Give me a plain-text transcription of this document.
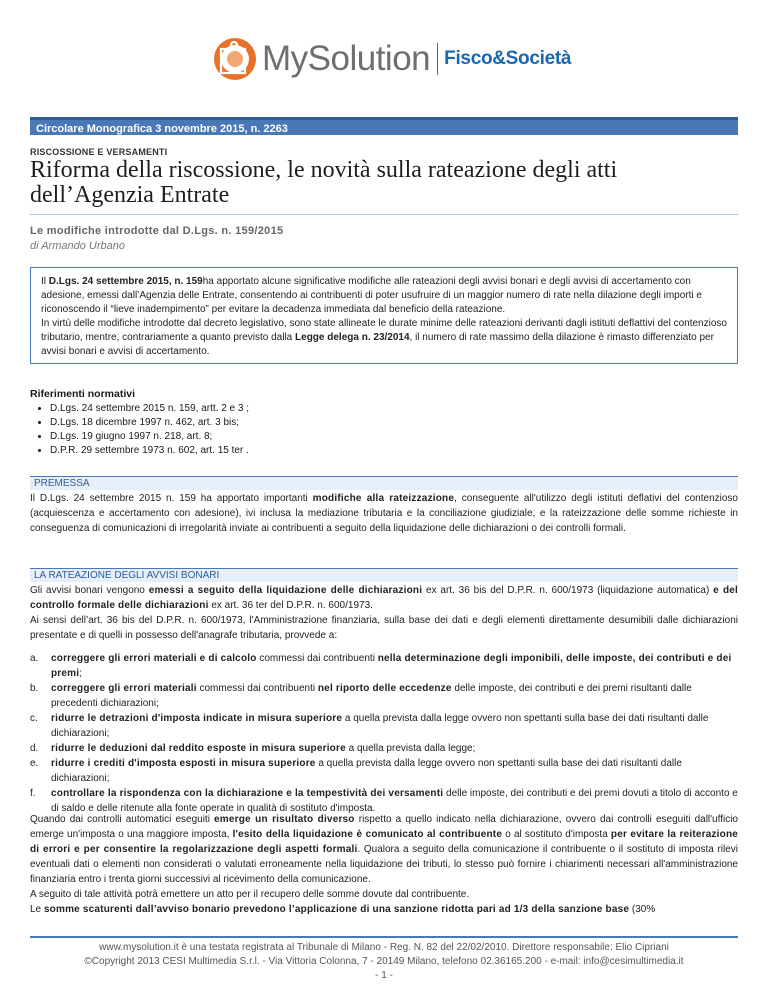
MySolution Fisco&Società
Circolare Monografica 3 novembre 2015, n. 2263
RISCOSSIONE E VERSAMENTI
Riforma della riscossione, le novità sulla rateazione degli atti dell’Agenzia Entrate
Le modifiche introdotte dal D.Lgs. n. 159/2015
di Armando Urbano

Il D.Lgs. 24 settembre 2015, n. 159ha apportato alcune significative modifiche alle rateazioni degli avvisi bonari e degli avvisi di accertamento con adesione, emessi dall’Agenzia delle Entrate, consentendo ai contribuenti di poter usufruire di un maggior numero di rate nella dilazione degli importi e riconoscendo il “lieve inadempimento” per evitare la decadenza immediata dal beneficio della rateazione.

In virtù delle modifiche introdotte dal decreto legislativo, sono state allineate le durate minime delle rateazioni derivanti dagli istituti deflattivi del contenzioso tributario, mentre, contrariamente a quanto previsto dalla Legge delega n. 23/2014, il numero di rate massimo della dilazione è rimasto differenziato per avvisi bonari e avvisi di accertamento.

Riferimenti normativi
• D.Lgs. 24 settembre 2015 n. 159, artt. 2 e 3 ;
• D.Lgs. 18 dicembre 1997 n. 462, art. 3 bis;
• D.Lgs. 19 giugno 1997 n. 218, art. 8;
• D.P.R. 29 settembre 1973 n. 602, art. 15 ter .
PREMESSA

Il D.Lgs. 24 settembre 2015 n. 159 ha apportato importanti modifiche alla rateizzazione, conseguente all'utilizzo degli istituti deflativi del contenzioso (acquiescenza e accertamento con adesione), ivi inclusa la mediazione tributaria e la conciliazione giudiziale, e la rateizzazione delle somme richieste in conseguenza di comunicazioni di irregolarità inviate ai contribuenti a seguito della liquidazione delle dichiarazioni o dei controlli formali.

LA RATEAZIONE DEGLI AVVISI BONARI

Gli avvisi bonari vengono emessi a seguito della liquidazione delle dichiarazioni ex art. 36 bis del D.P.R. n. 600/1973 (liquidazione automatica) e del controllo formale delle dichiarazioni ex art. 36 ter del D.P.R. n. 600/1973.

Ai sensi dell’art. 36 bis del D.P.R. n. 600/1973, l'Amministrazione finanziaria, sulla base dei dati e degli elementi direttamente desumibili dalle dichiarazioni presentate e di quelli in possesso dell'anagrafe tributaria, provvede a:

a. correggere gli errori materiali e di calcolo commessi dai contribuenti nella determinazione degli imponibili, delle imposte, dei contributi e dei premi;
b. correggere gli errori materiali commessi dai contribuenti nel riporto delle eccedenze delle imposte, dei contributi e dei premi risultanti dalle precedenti dichiarazioni;
c. ridurre le detrazioni d'imposta indicate in misura superiore a quella prevista dalla legge ovvero non spettanti sulla base dei dati risultanti dalle dichiarazioni;
d. ridurre le deduzioni dal reddito esposte in misura superiore a quella prevista dalla legge;
e. ridurre i crediti d'imposta esposti in misura superiore a quella prevista dalla legge ovvero non spettanti sulla base dei dati risultanti dalle dichiarazioni;
f. controllare la rispondenza con la dichiarazione e la tempestività dei versamenti delle imposte, dei contributi e dei premi dovuti a titolo di acconto e di saldo e delle ritenute alla fonte operate in qualità di sostituto d'imposta.

Quando dai controlli automatici eseguiti emerge un risultato diverso rispetto a quello indicato nella dichiarazione, ovvero dai controlli eseguiti dall'ufficio emerge un'imposta o una maggiore imposta, l'esito della liquidazione è comunicato al contribuente o al sostituto d'imposta per evitare la reiterazione di errori e per consentire la regolarizzazione degli aspetti formali. Qualora a seguito della comunicazione il contribuente o il sostituto di imposta rilevi eventuali dati o elementi non considerati o valutati erroneamente nella liquidazione dei tributi, lo stesso può fornire i chiarimenti necessari all'amministrazione finanziaria entro i trenta giorni successivi al ricevimento della comunicazione.

A seguito di tale attività potrà emettere un atto per il recupero delle somme dovute dal contribuente.

Le somme scaturenti dall’avviso bonario prevedono l’applicazione di una sanzione ridotta pari ad 1/3 della sanzione base (30%

www.mysolution.it è una testata registrata al Tribunale di Milano - Reg. N. 82 del 22/02/2010. Direttore responsabile: Elio Cipriani
©Copyright 2013 CESI Multimedia S.r.l. - Via Vittoria Colonna, 7 - 20149 Milano, telefono 02.36165.200 - e-mail: info@cesimultimedia.it
- 1 -
